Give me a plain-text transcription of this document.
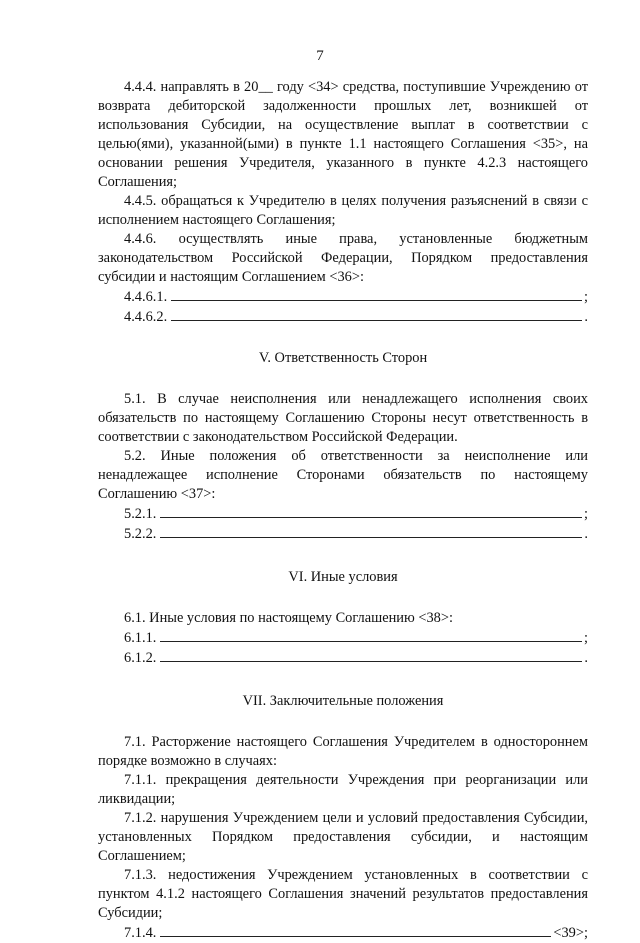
7

4.4.4. направлять в 20__ году <34> средства, поступившие Учреждению от возврата дебиторской задолженности прошлых лет, возникшей от использования Субсидии, на осуществление выплат в соответствии с целью(ями), указанной(ыми) в пункте 1.1 настоящего Соглашения <35>, на основании решения Учредителя, указанного в пункте 4.2.3 настоящего Соглашения;

4.4.5. обращаться к Учредителю в целях получения разъяснений в связи с исполнением настоящего Соглашения;

4.4.6. осуществлять иные права, установленные бюджетным законодательством Российской Федерации, Порядком предоставления субсидии и настоящим Соглашением <36>:

4.4.6.1.	;
4.4.6.2.	.

V. Ответственность Сторон

5.1. В случае неисполнения или ненадлежащего исполнения своих обязательств по настоящему Соглашению Стороны несут ответственность в соответствии с законодательством Российской Федерации.

5.2. Иные положения об ответственности за неисполнение или ненадлежащее исполнение Сторонами обязательств по настоящему Соглашению <37>:

5.2.1.	;
5.2.2.	.

VI. Иные условия

6.1. Иные условия по настоящему Соглашению <38>:

6.1.1.	;
6.1.2.	.

VII. Заключительные положения

7.1. Расторжение настоящего Соглашения Учредителем в одностороннем порядке возможно в случаях:

7.1.1. прекращения деятельности Учреждения при реорганизации или ликвидации;

7.1.2. нарушения Учреждением цели и условий предоставления Субсидии, установленных Порядком предоставления субсидии, и настоящим Соглашением;

7.1.3. недостижения Учреждением установленных в соответствии с пунктом 4.1.2 настоящего Соглашения значений результатов предоставления Субсидии;

7.1.4.	<39>;
